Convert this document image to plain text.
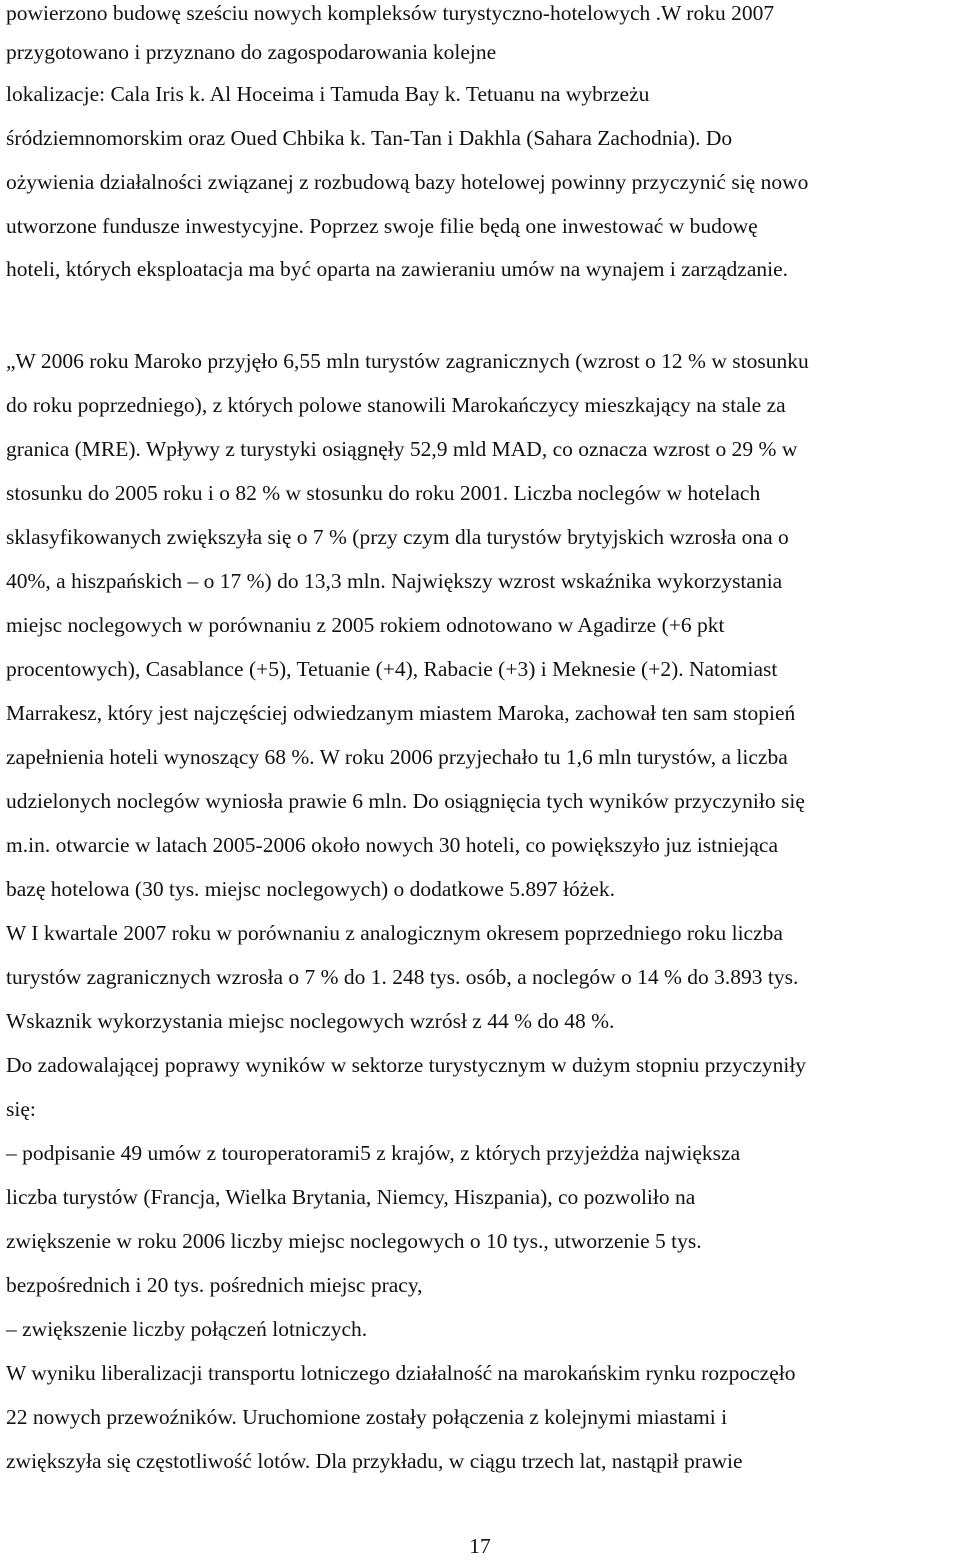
powierzono budowę sześciu nowych kompleksów turystyczno-hotelowych .W roku 2007
przygotowano i przyznano do zagospodarowania kolejne
lokalizacje: Cala Iris k. Al Hoceima i Tamuda Bay k. Tetuanu na wybrzeżu
śródziemnomorskim oraz Oued Chbika k. Tan-Tan i Dakhla (Sahara Zachodnia). Do
ożywienia działalności związanej z rozbudową bazy hotelowej powinny przyczynić się nowo
utworzone fundusze inwestycyjne. Poprzez swoje filie będą one inwestować w budowę
hoteli, których eksploatacja ma być oparta na zawieraniu umów na wynajem i zarządzanie.
„W 2006 roku Maroko przyjęło 6,55 mln turystów zagranicznych (wzrost o 12 % w stosunku
do roku poprzedniego), z których polowe stanowili Marokańczycy mieszkający na stale za
granica (MRE). Wpływy z turystyki osiągnęły 52,9 mld MAD, co oznacza wzrost o 29 % w
stosunku do 2005 roku i o 82 % w stosunku do roku 2001. Liczba noclegów w hotelach
sklasyfikowanych zwiększyła się o 7 % (przy czym dla turystów brytyjskich wzrosła ona o
40%, a hiszpańskich – o 17 %) do 13,3 mln. Największy wzrost wskaźnika wykorzystania
miejsc noclegowych w porównaniu z 2005 rokiem odnotowano w Agadirze (+6 pkt
procentowych), Casablance (+5), Tetuanie (+4), Rabacie (+3) i Meknesie (+2). Natomiast
Marrakesz, który jest najczęściej odwiedzanym miastem Maroka, zachował ten sam stopień
zapełnienia hoteli wynoszący 68 %. W roku 2006 przyjechało tu 1,6 mln turystów, a liczba
udzielonych noclegów wyniosła prawie 6 mln. Do osiągnięcia tych wyników przyczyniło się
m.in. otwarcie w latach 2005-2006 około nowych 30 hoteli, co powiększyło juz istniejąca
bazę hotelowa (30 tys. miejsc noclegowych) o dodatkowe 5.897 łóżek.
W I kwartale 2007 roku w porównaniu z analogicznym okresem poprzedniego roku liczba
turystów zagranicznych wzrosła o 7 % do 1. 248 tys. osób, a noclegów o 14 % do 3.893 tys.
Wskaznik wykorzystania miejsc noclegowych wzrósł z 44 % do 48 %.
Do zadowalającej poprawy wyników w sektorze turystycznym w dużym stopniu przyczyniły
się:
– podpisanie 49 umów z touroperatorami5 z krajów, z których przyjeżdża największa
liczba turystów (Francja, Wielka Brytania, Niemcy, Hiszpania), co pozwoliło na
zwiększenie w roku 2006 liczby miejsc noclegowych o 10 tys., utworzenie 5 tys.
bezpośrednich i 20 tys. pośrednich miejsc pracy,
– zwiększenie liczby połączeń lotniczych.
W wyniku liberalizacji transportu lotniczego działalność na marokańskim rynku rozpoczęło
22 nowych przewoźników. Uruchomione zostały połączenia z kolejnymi miastami i
zwiększyła się częstotliwość lotów. Dla przykładu, w ciągu trzech lat, nastąpił prawie
17
